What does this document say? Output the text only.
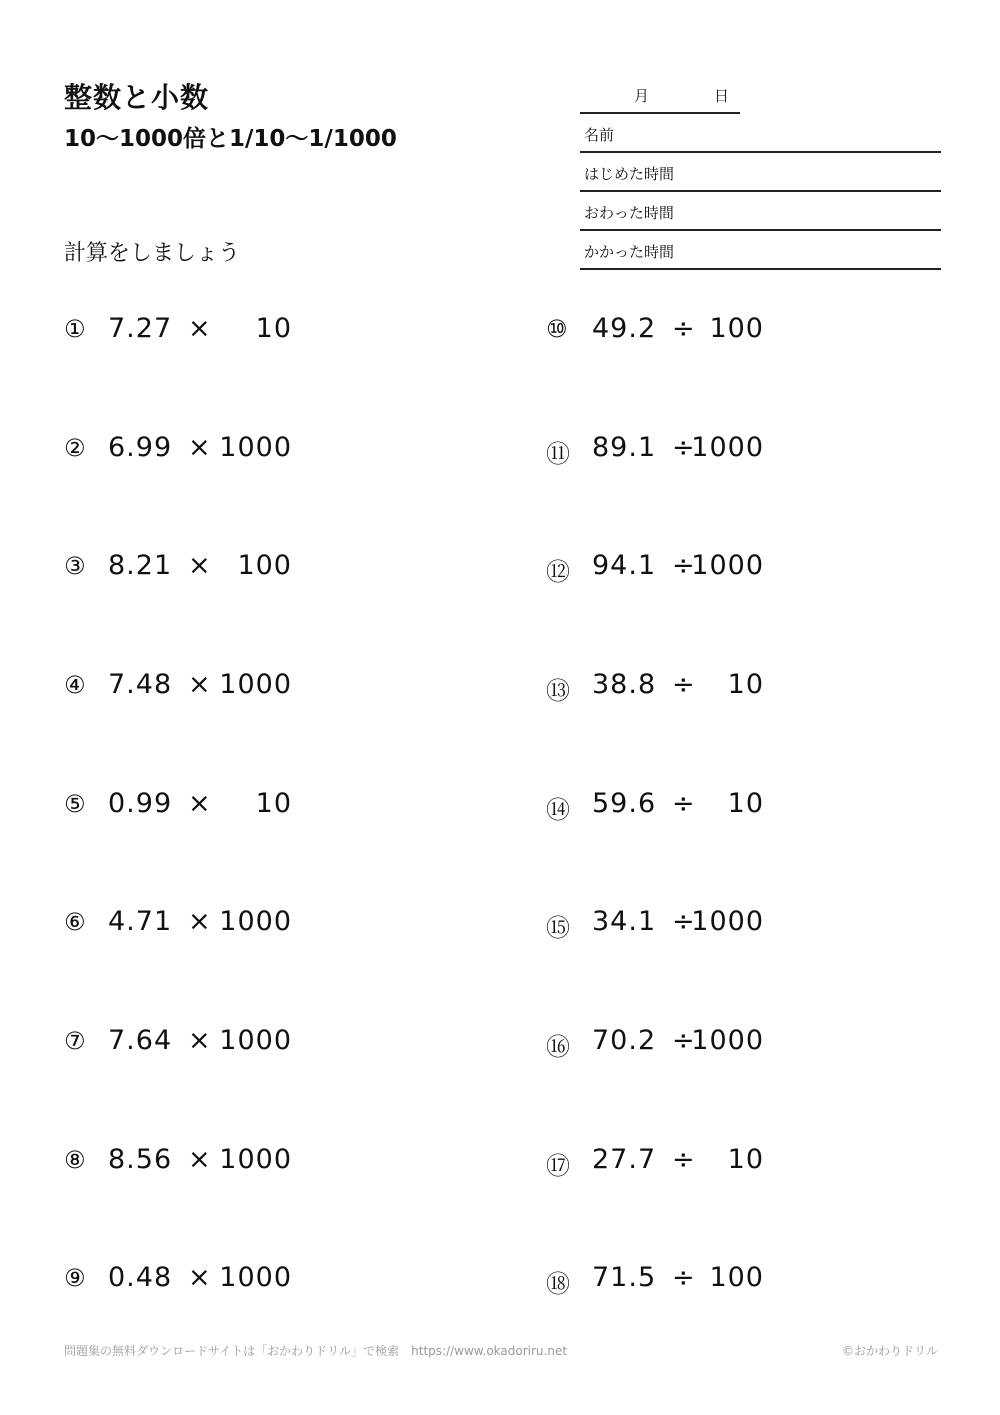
整数と小数
10〜1000倍と1/10〜1/1000

計算をしましょう

月	日
名前
はじめた時間
おわった時間
かかった時間
① 7.27 ×	10
② 6.99 × 1000
③ 8.21 × 100
④ 7.48 × 1000
⑤ 0.99 ×	10
⑥ 4.71 × 1000
⑦ 7.64 × 1000
⑧ 8.56 × 1000
⑨ 0.48 × 1000
⑩ 49.2 ÷ 100
⑪ 89.1 ÷
1000
⑫ 94.1 ÷
1000
⑬ 38.8 ÷	10
⑭ 59.6 ÷	10
⑮ 34.1 ÷
1000
⑯ 70.2 ÷
1000
⑰ 27.7 ÷	10
⑱ 71.5 ÷ 100

問題集の無料ダウンロードサイトは「おかわりドリル」で検索　https://www.okadoriru.net	©おかわりドリル
